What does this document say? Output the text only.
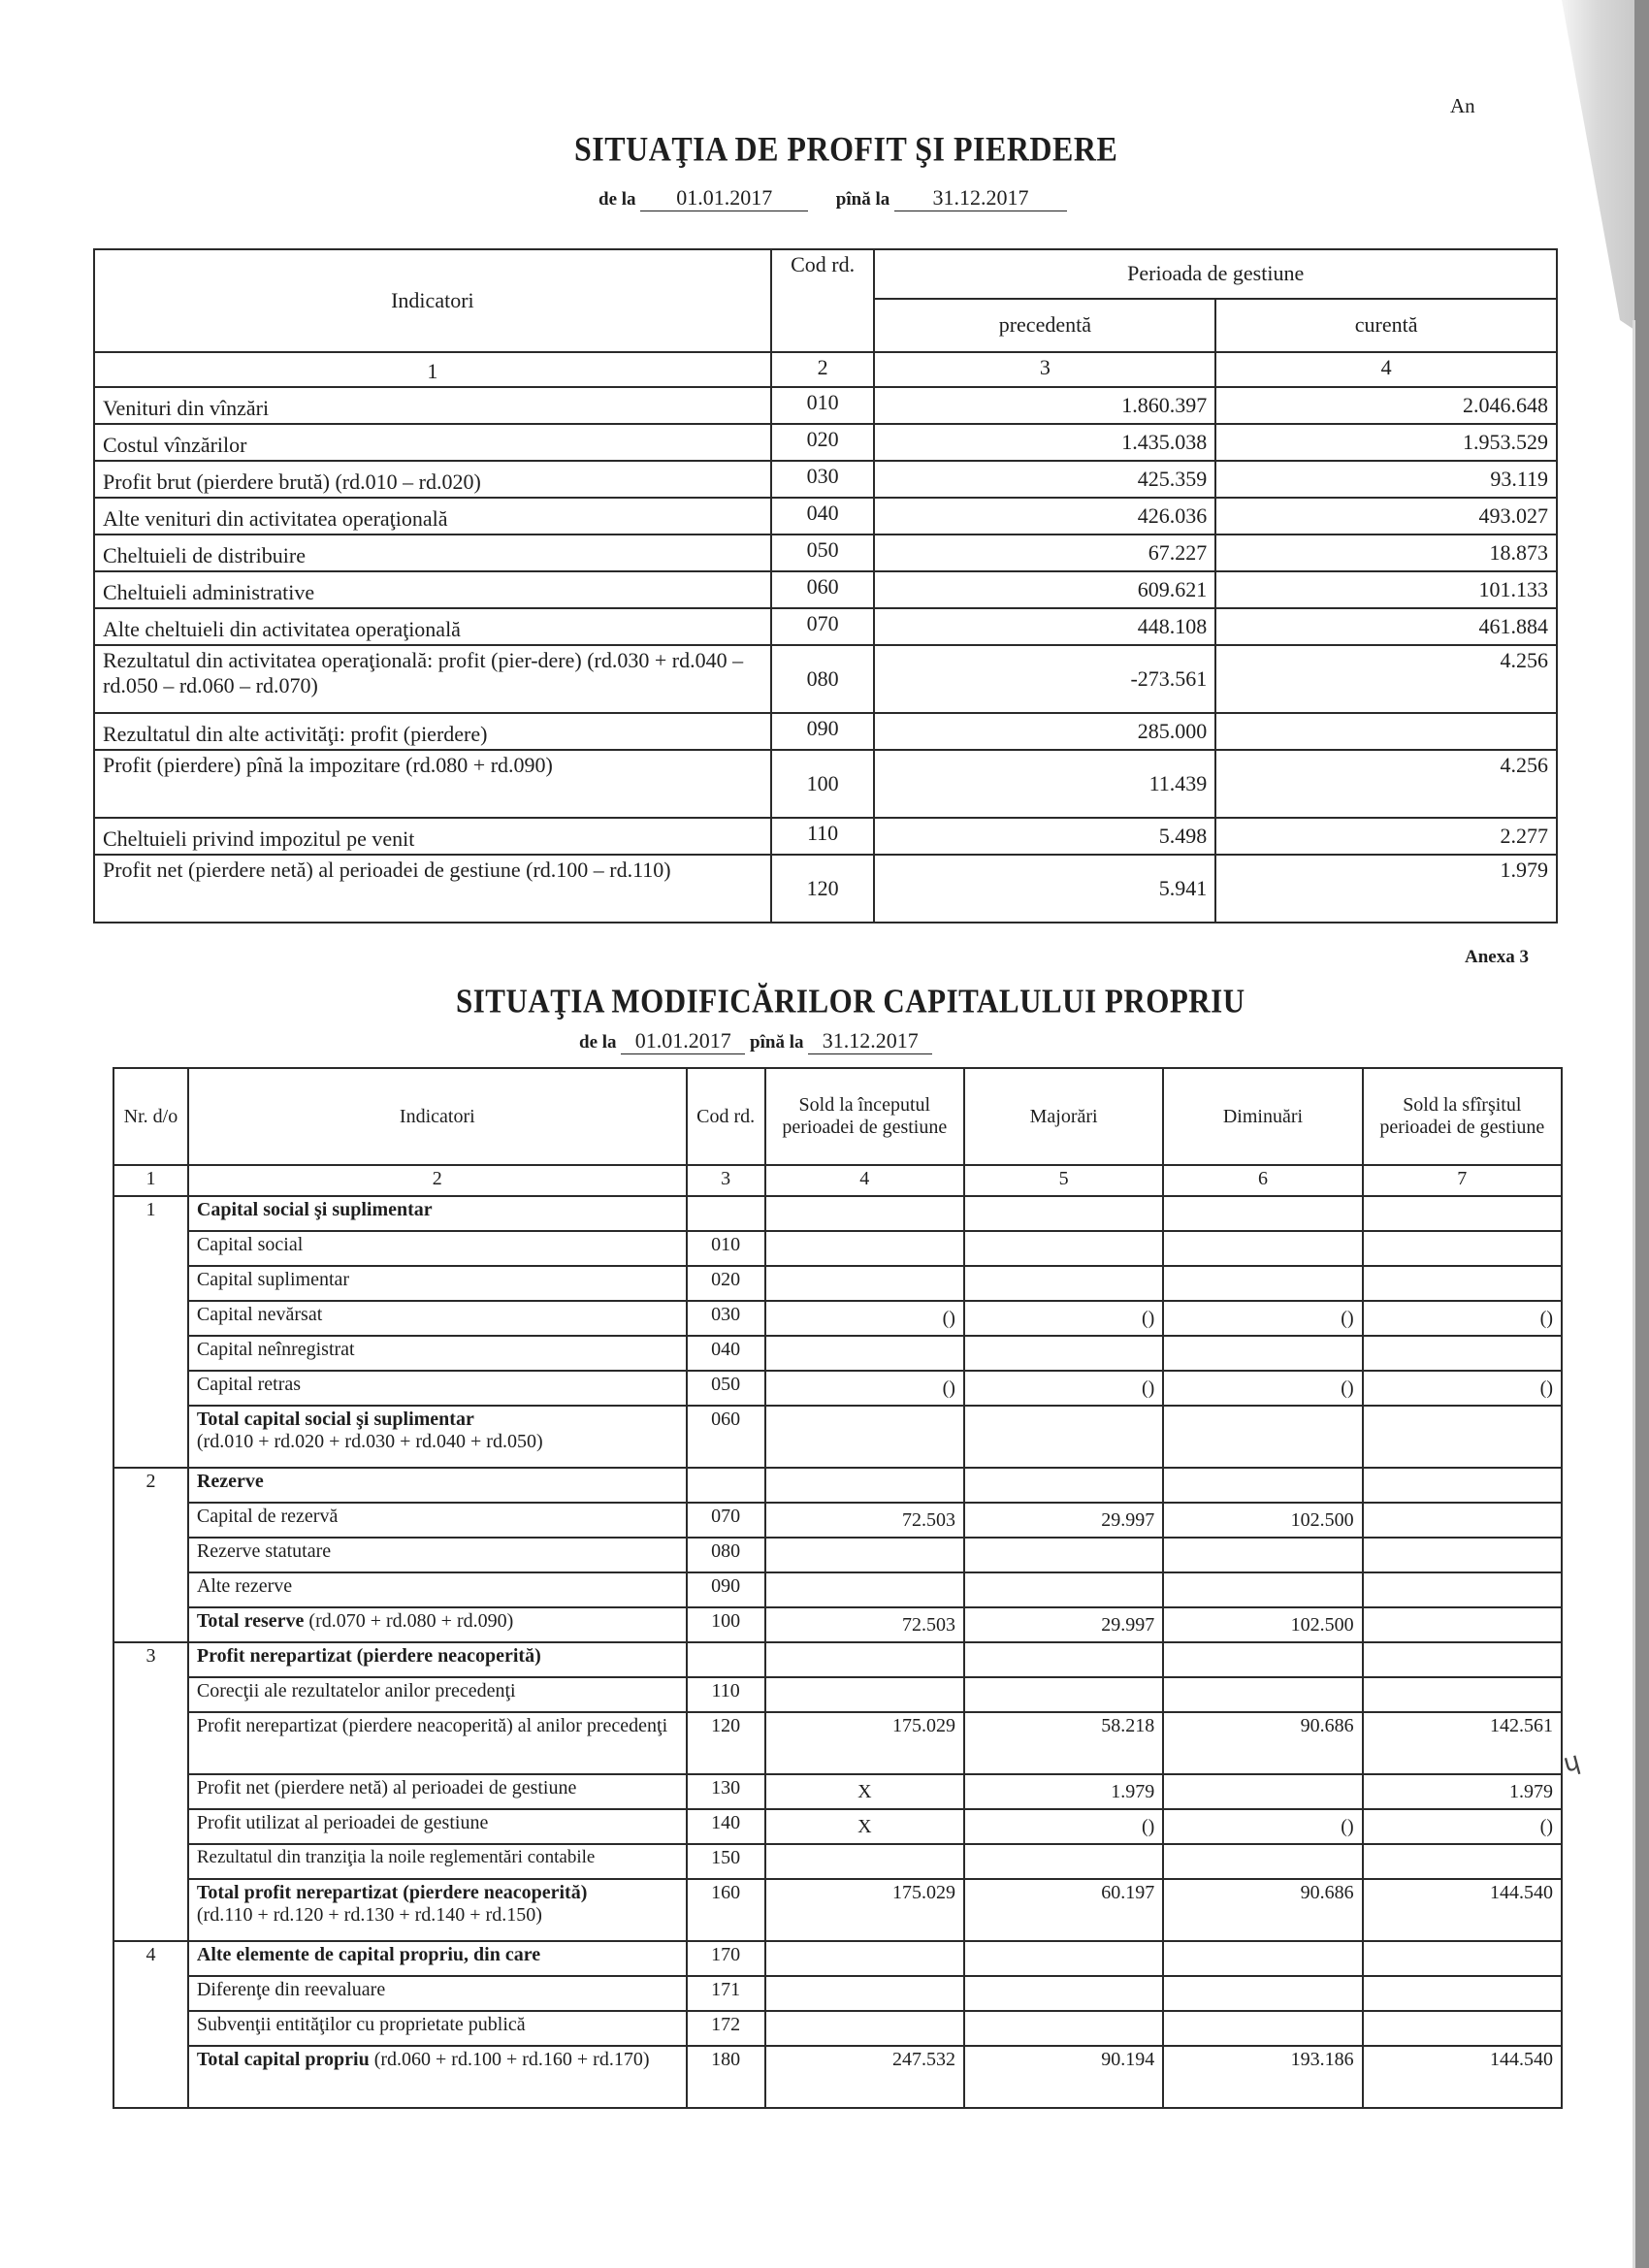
An
SITUAŢIA DE PROFIT ŞI PIERDERE
de la 01.01.2017	pînă la 31.12.2017
Indicatori	Cod rd.	Perioada de gestiune	
		precedentă	curentă
1	2	3	4
Venituri din vînzări	010	1.860.397	2.046.648
Costul vînzărilor	020	1.435.038	1.953.529
Profit brut (pierdere brută) (rd.010 – rd.020)	030	425.359	93.119
Alte venituri din activitatea operaţională	040	426.036	493.027
Cheltuieli de distribuire	050	67.227	18.873
Cheltuieli administrative	060	609.621	101.133
Alte cheltuieli din activitatea operaţională	070	448.108	461.884
Rezultatul din activitatea operaţională: profit (pier-dere) (rd.030 + rd.040 – rd.050 – rd.060 – rd.070)	080	-273.561	4.256
Rezultatul din alte activităţi: profit (pierdere)	090	285.000	
Profit (pierdere) pînă la impozitare (rd.080 + rd.090)	100	11.439	4.256
Cheltuieli privind impozitul pe venit	110	5.498	2.277
Profit net (pierdere netă) al perioadei de gestiune (rd.100 – rd.110)	120	5.941	1.979
Anexa 3
SITUAŢIA MODIFICĂRILOR CAPITALULUI PROPRIU
de la 01.01.2017 pînă la 31.12.2017
Nr. d/o	Indicatori	Cod rd.	Sold la începutul perioadei de gestiune	Majorări	Diminuări	Sold la sfîrşitul perioadei de gestiune
1	2	3	4	5	6	7
1	Capital social şi suplimentar					
	Capital social	010				
	Capital suplimentar	020				
	Capital nevărsat	030	()	()	()	()
	Capital neînregistrat	040				
	Capital retras	050	()	()	()	()
	Total capital social şi suplimentar
(rd.010 + rd.020 + rd.030 + rd.040 + rd.050)	060				
2	Rezerve					
	Capital de rezervă	070	72.503	29.997	102.500	
	Rezerve statutare	080				
	Alte rezerve	090				
	Total reserve (rd.070 + rd.080 + rd.090)	100	72.503	29.997	102.500	
3	Profit nerepartizat (pierdere neacoperită)					
	Corecţii ale rezultatelor anilor precedenţi	110				
	Profit nerepartizat (pierdere neacoperită) al anilor precedenţi	120	175.029	58.218	90.686	142.561
	Profit net (pierdere netă) al perioadei de gestiune	130	X	1.979		1.979
	Profit utilizat al perioadei de gestiune	140	X	()	()	()
	Rezultatul din tranziţia la noile reglementări contabile	150				
	Total profit nerepartizat (pierdere neacoperită)
(rd.110 + rd.120 + rd.130 + rd.140 + rd.150)	160	175.029	60.197	90.686	144.540
4	Alte elemente de capital propriu, din care	170				
	Diferenţe din reevaluare	171				
	Subvenţii entităţilor cu proprietate publică	172				
	Total capital propriu (rd.060 + rd.100 + rd.160 + rd.170)	180	247.532	90.194	193.186	144.540
ɥ
